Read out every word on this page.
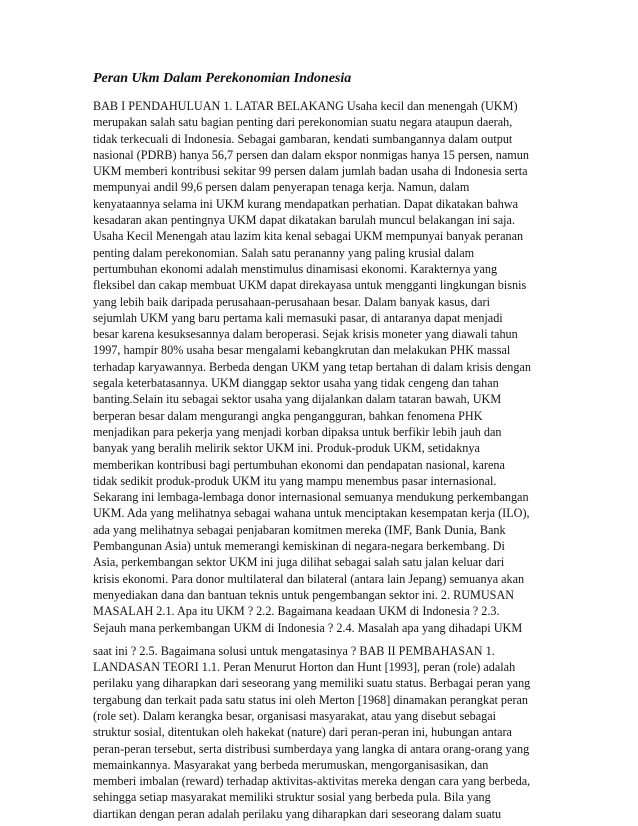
Peran Ukm Dalam Perekonomian Indonesia
BAB I PENDAHULUAN 1. LATAR BELAKANG Usaha kecil dan menengah (UKM)
merupakan salah satu bagian penting dari perekonomian suatu negara ataupun daerah,
tidak terkecuali di Indonesia. Sebagai gambaran, kendati sumbangannya dalam output
nasional (PDRB) hanya 56,7 persen dan dalam ekspor nonmigas hanya 15 persen, namun
UKM memberi kontribusi sekitar 99 persen dalam jumlah badan usaha di Indonesia serta
mempunyai andil 99,6 persen dalam penyerapan tenaga kerja. Namun, dalam
kenyataannya selama ini UKM kurang mendapatkan perhatian. Dapat dikatakan bahwa
kesadaran akan pentingnya UKM dapat dikatakan barulah muncul belakangan ini saja.
Usaha Kecil Menengah atau lazim kita kenal sebagai UKM mempunyai banyak peranan
penting dalam perekonomian. Salah satu perananny yang paling krusial dalam
pertumbuhan ekonomi adalah menstimulus dinamisasi ekonomi. Karakternya yang
fleksibel dan cakap membuat UKM dapat direkayasa untuk mengganti lingkungan bisnis
yang lebih baik daripada perusahaan-perusahaan besar. Dalam banyak kasus, dari
sejumlah UKM yang baru pertama kali memasuki pasar, di antaranya dapat menjadi
besar karena kesuksesannya dalam beroperasi. Sejak krisis moneter yang diawali tahun
1997, hampir 80% usaha besar mengalami kebangkrutan dan melakukan PHK massal
terhadap karyawannya. Berbeda dengan UKM yang tetap bertahan di dalam krisis dengan
segala keterbatasannya. UKM dianggap sektor usaha yang tidak cengeng dan tahan
banting.Selain itu sebagai sektor usaha yang dijalankan dalam tataran bawah, UKM
berperan besar dalam mengurangi angka pengangguran, bahkan fenomena PHK
menjadikan para pekerja yang menjadi korban dipaksa untuk berfikir lebih jauh dan
banyak yang beralih melirik sektor UKM ini. Produk-produk UKM, setidaknya
memberikan kontribusi bagi pertumbuhan ekonomi dan pendapatan nasional, karena
tidak sedikit produk-produk UKM itu yang mampu menembus pasar internasional.
Sekarang ini lembaga-lembaga donor internasional semuanya mendukung perkembangan
UKM. Ada yang melihatnya sebagai wahana untuk menciptakan kesempatan kerja (ILO),
ada yang melihatnya sebagai penjabaran komitmen mereka (IMF, Bank Dunia, Bank
Pembangunan Asia) untuk memerangi kemiskinan di negara-negara berkembang. Di
Asia, perkembangan sektor UKM ini juga dilihat sebagai salah satu jalan keluar dari
krisis ekonomi. Para donor multilateral dan bilateral (antara lain Jepang) semuanya akan
menyediakan dana dan bantuan teknis untuk pengembangan sektor ini. 2. RUMUSAN
MASALAH 2.1. Apa itu UKM ? 2.2. Bagaimana keadaan UKM di Indonesia ? 2.3.
Sejauh mana perkembangan UKM di Indonesia ? 2.4. Masalah apa yang dihadapi UKM
saat ini ? 2.5. Bagaimana solusi untuk mengatasinya ? BAB II PEMBAHASAN 1.
LANDASAN TEORI 1.1. Peran Menurut Horton dan Hunt [1993], peran (role) adalah
perilaku yang diharapkan dari seseorang yang memiliki suatu status. Berbagai peran yang
tergabung dan terkait pada satu status ini oleh Merton [1968] dinamakan perangkat peran
(role set). Dalam kerangka besar, organisasi masyarakat, atau yang disebut sebagai
struktur sosial, ditentukan oleh hakekat (nature) dari peran-peran ini, hubungan antara
peran-peran tersebut, serta distribusi sumberdaya yang langka di antara orang-orang yang
memainkannya. Masyarakat yang berbeda merumuskan, mengorganisasikan, dan
memberi imbalan (reward) terhadap aktivitas-aktivitas mereka dengan cara yang berbeda,
sehingga setiap masyarakat memiliki struktur sosial yang berbeda pula. Bila yang
diartikan dengan peran adalah perilaku yang diharapkan dari seseorang dalam suatu
